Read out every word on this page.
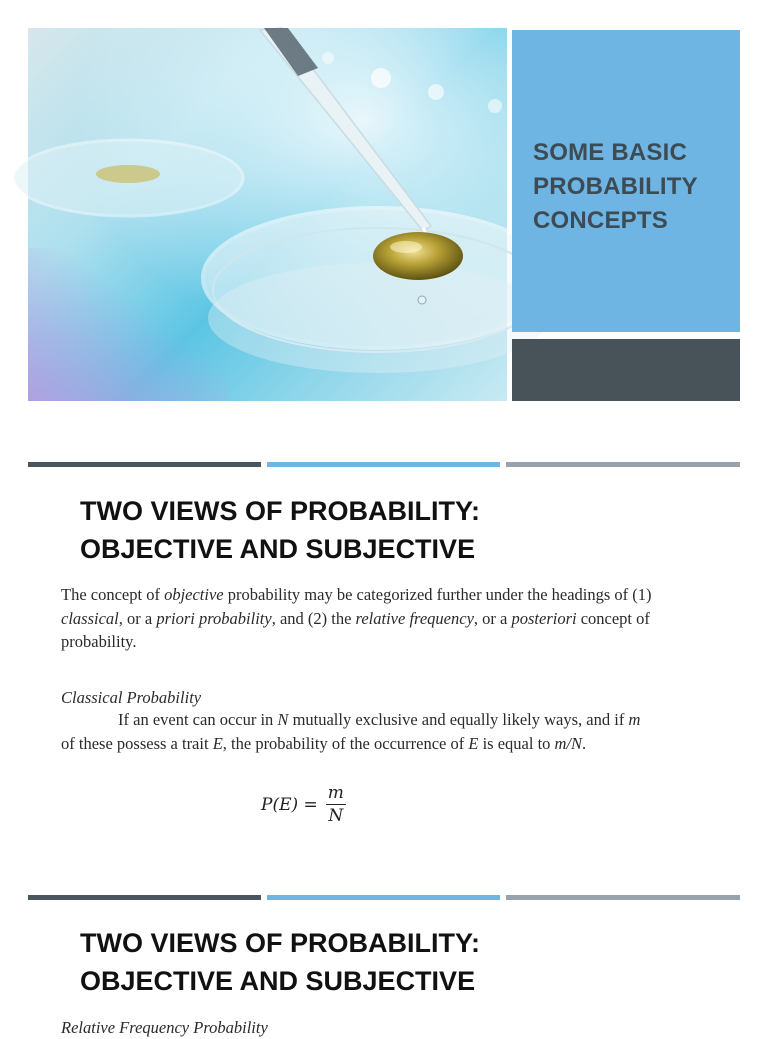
SOME BASIC PROBABILITY CONCEPTS
TWO VIEWS OF PROBABILITY:
OBJECTIVE AND SUBJECTIVE

The concept of objective probability may be categorized further under the headings of (1) classical, or a priori probability, and (2) the relative frequency, or a posteriori concept of probability.

Classical Probability

If an event can occur in N mutually exclusive and equally likely ways, and if m of these possess a trait E, the probability of the occurrence of E is equal to m/N.

$P(E) = \frac{m}{N}$
TWO VIEWS OF PROBABILITY:
OBJECTIVE AND SUBJECTIVE
Relative Frequency Probability
